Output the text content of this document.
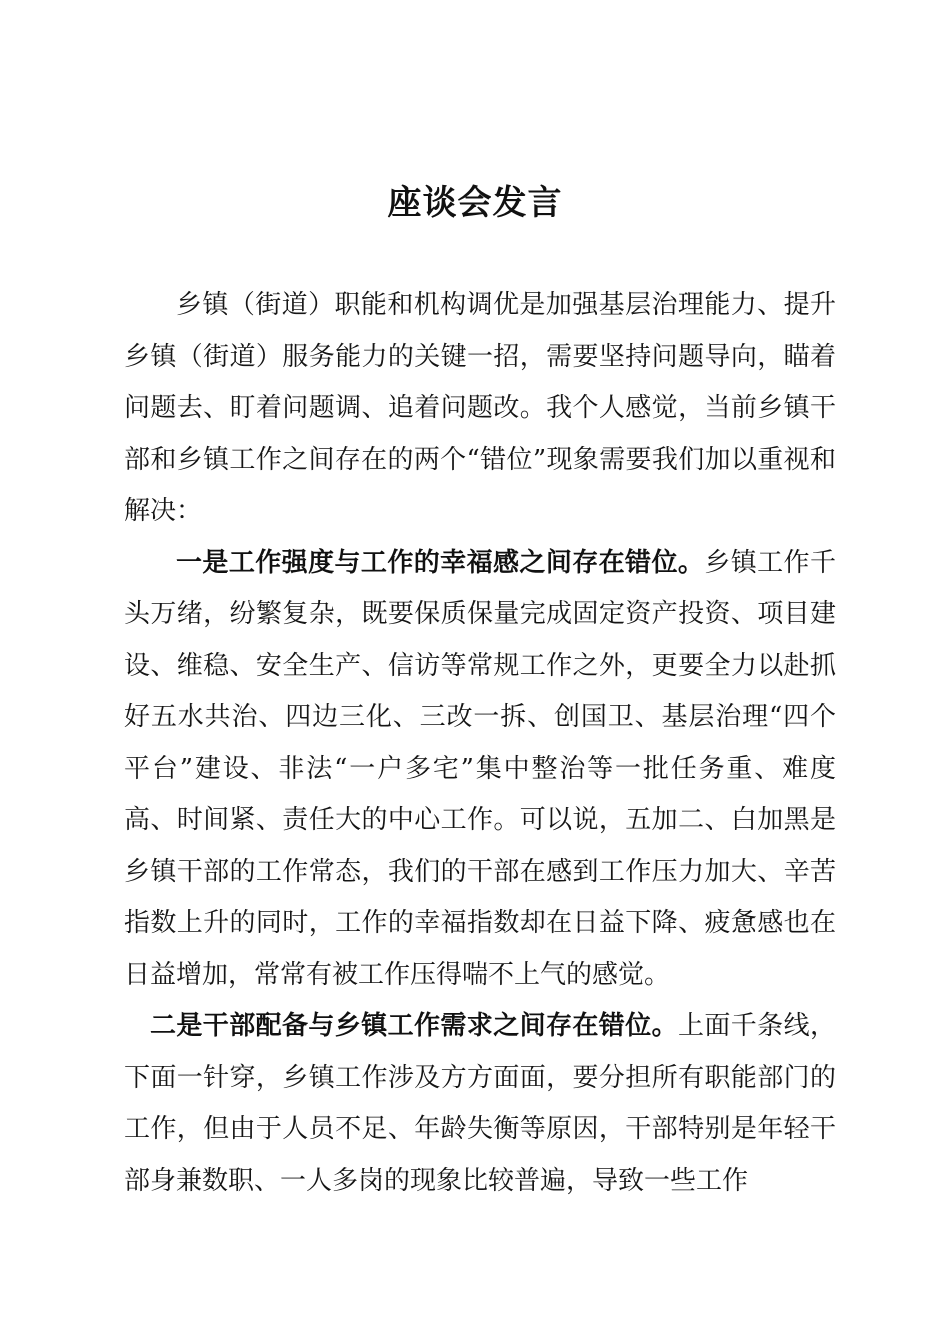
座谈会发言

乡镇（街道）职能和机构调优是加强基层治理能力、提升乡镇（街道）服务能力的关键一招，需要坚持问题导向，瞄着问题去、盯着问题调、追着问题改。我个人感觉，当前乡镇干部和乡镇工作之间存在的两个“错位”现象需要我们加以重视和解决：

一是工作强度与工作的幸福感之间存在错位。乡镇工作千头万绪，纷繁复杂，既要保质保量完成固定资产投资、项目建设、维稳、安全生产、信访等常规工作之外，更要全力以赴抓好五水共治、四边三化、三改一拆、创国卫、基层治理“四个平台”建设、非法“一户多宅”集中整治等一批任务重、难度高、时间紧、责任大的中心工作。可以说，五加二、白加黑是乡镇干部的工作常态，我们的干部在感到工作压力加大、辛苦指数上升的同时，工作的幸福指数却在日益下降、疲惫感也在日益增加，常常有被工作压得喘不上气的感觉。

二是干部配备与乡镇工作需求之间存在错位。上面千条线，下面一针穿，乡镇工作涉及方方面面，要分担所有职能部门的工作，但由于人员不足、年龄失衡等原因，干部特别是年轻干部身兼数职、一人多岗的现象比较普遍，导致一些工作
